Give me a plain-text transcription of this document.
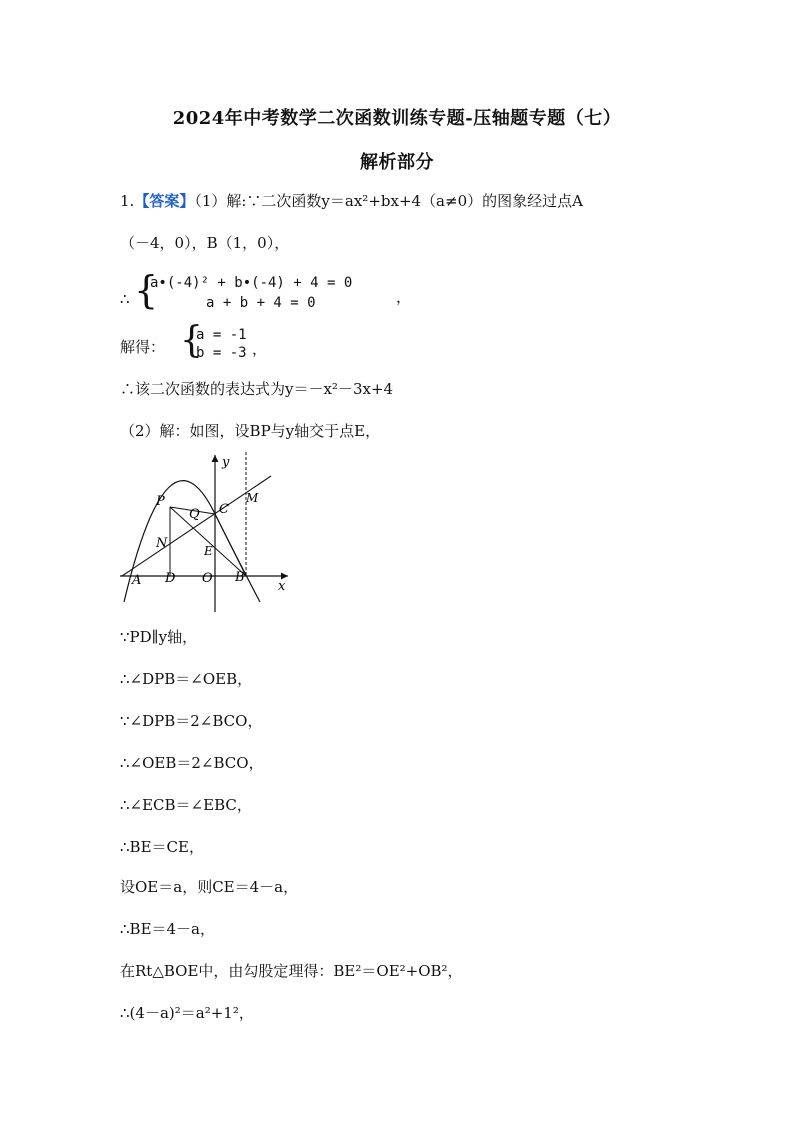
2024年中考数学二次函数训练专题-压轴题专题（七）
解析部分
1.【答案】（1）解:∵二次函数y＝ax²+bx+4（a≠0）的图象经过点A
（－4，0），B（1，0），
∴ {
a•(-4)² + b•(-4) + 4 = 0
a + b + 4 = 0	，
解得： {
a = -1
b = -3 ，
∴该二次函数的表达式为y＝－x²－3x+4
（2）解：如图，设BP与y轴交于点E，
y
x
P
Q C
M
N	E
A D O B
∵PD∥y轴，
∴∠DPB＝∠OEB，
∵∠DPB＝2∠BCO，
∴∠OEB＝2∠BCO，
∴∠ECB＝∠EBC，
∴BE＝CE，
设OE＝a，则CE＝4－a，
∴BE＝4－a，
在Rt△BOE中，由勾股定理得：BE²＝OE²+OB²，
∴(4－a)²＝a²+1²，
